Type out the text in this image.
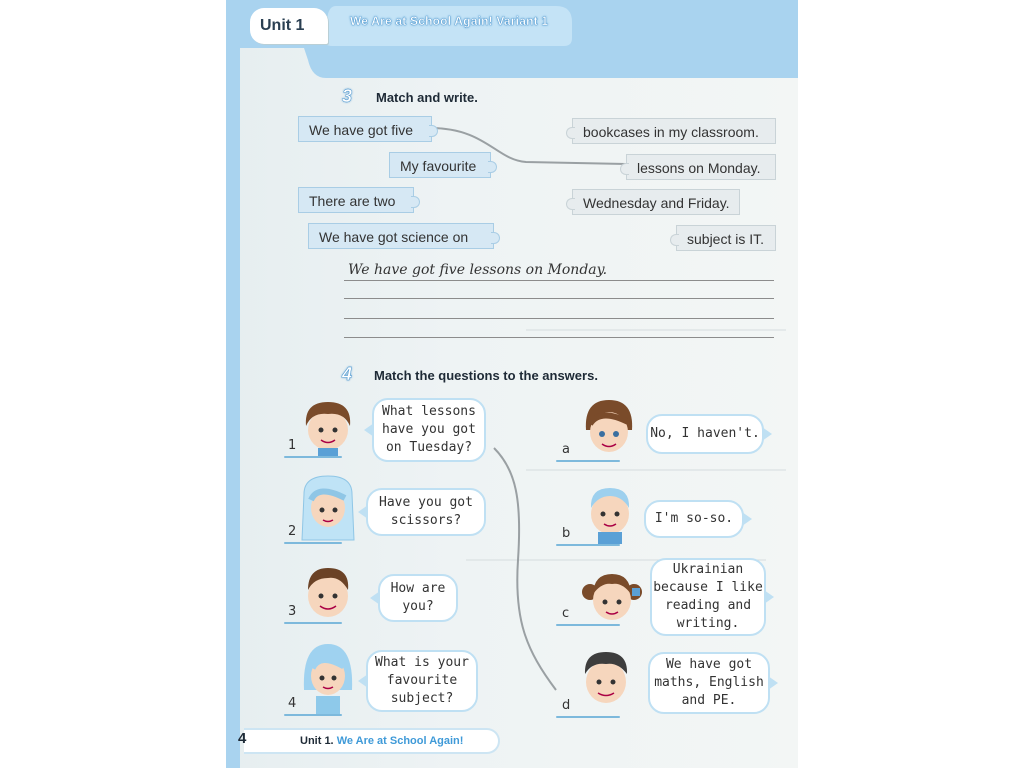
Unit 1	We Are at School Again! Variant 1
3 Match and write.
We have got five
My favourite
There are two
We have got science on
bookcases in my classroom.
lessons on Monday.
Wednesday and Friday.
subject is IT.
We have got five lessons on Monday.
4 Match the questions to the answers.
1
2
3
4
What lessons
have you got
on Tuesday?
Have you got
scissors?
How are
you?
What is your
favourite
subject?
a
b
c
d
No, I haven't.
I'm so-so.
Ukrainian
because I like
reading and
writing.
We have got
maths, English
and PE.
4	Unit 1. We Are at School Again!
